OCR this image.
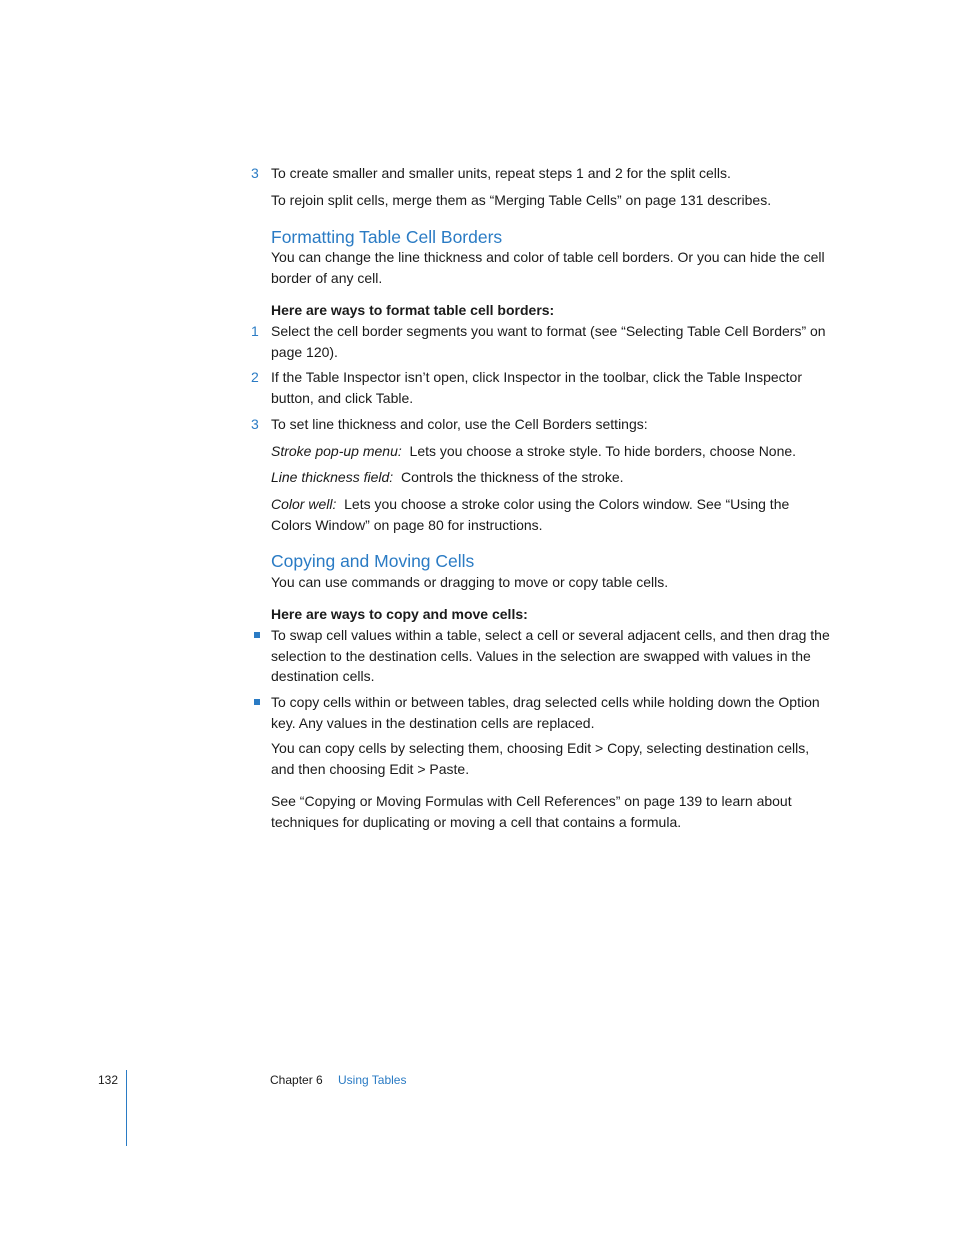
3 To create smaller and smaller units, repeat steps 1 and 2 for the split cells.

To rejoin split cells, merge them as “Merging Table Cells” on page 131 describes.

Formatting Table Cell Borders

You can change the line thickness and color of table cell borders. Or you can hide the cell border of any cell.

Here are ways to format table cell borders:

1 Select the cell border segments you want to format (see “Selecting Table Cell Borders” on page 120).

2 If the Table Inspector isn’t open, click Inspector in the toolbar, click the Table Inspector button, and click Table.

3 To set line thickness and color, use the Cell Borders settings:

Stroke pop-up menu: Lets you choose a stroke style. To hide borders, choose None.

Line thickness field: Controls the thickness of the stroke.

Color well: Lets you choose a stroke color using the Colors window. See “Using the Colors Window” on page 80 for instructions.

Copying and Moving Cells

You can use commands or dragging to move or copy table cells.

Here are ways to copy and move cells:

To swap cell values within a table, select a cell or several adjacent cells, and then drag the selection to the destination cells. Values in the selection are swapped with values in the destination cells.

To copy cells within or between tables, drag selected cells while holding down the Option key. Any values in the destination cells are replaced.

You can copy cells by selecting them, choosing Edit > Copy, selecting destination cells, and then choosing Edit > Paste.

See “Copying or Moving Formulas with Cell References” on page 139 to learn about techniques for duplicating or moving a cell that contains a formula.

132	Chapter 6 Using Tables
